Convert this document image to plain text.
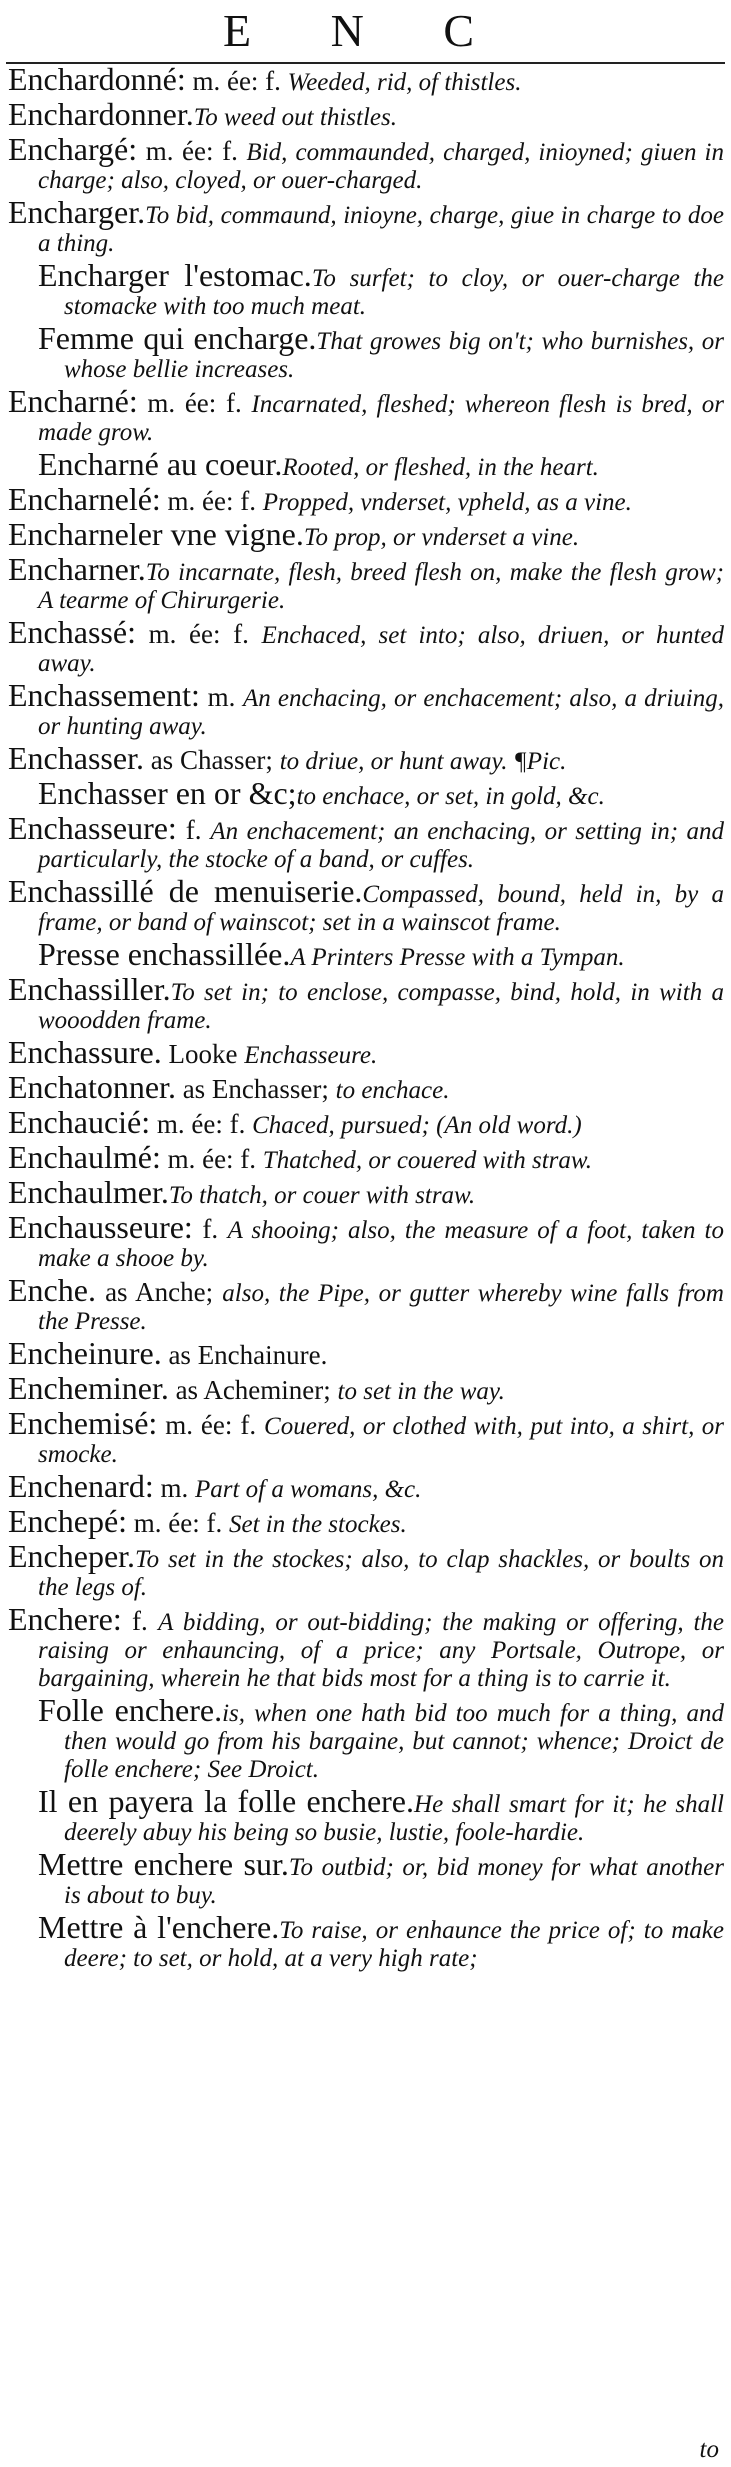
E N C
Enchardonné: m. ée: f. Weeded, rid, of thistles.
Enchardonner.To weed out thistles.
Enchargé: m. ée: f. Bid, commaunded, charged, inioyned; giuen in charge; also, cloyed, or ouer-charged.
Encharger.To bid, commaund, inioyne, charge, giue in charge to doe a thing.
Encharger l'estomac.To surfet; to cloy, or ouer-charge the stomacke with too much meat.
Femme qui encharge.That growes big on't; who burnishes, or whose bellie increases.
Encharné: m. ée: f. Incarnated, fleshed; whereon flesh is bred, or made grow.
Encharné au coeur.Rooted, or fleshed, in the heart.
Encharnelé: m. ée: f. Propped, vnderset, vpheld, as a vine.
Encharneler vne vigne.To prop, or vnderset a vine.
Encharner.To incarnate, flesh, breed flesh on, make the flesh grow; A tearme of Chirurgerie.
Enchassé: m. ée: f. Enchaced, set into; also, driuen, or hunted away.
Enchassement: m. An enchacing, or enchacement; also, a driuing, or hunting away.
Enchasser. as Chasser; to driue, or hunt away. ¶Pic.
Enchasser en or &c;to enchace, or set, in gold, &c.
Enchasseure: f. An enchacement; an enchacing, or setting in; and particularly, the stocke of a band, or cuffes.
Enchassillé de menuiserie.Compassed, bound, held in, by a frame, or band of wainscot; set in a wainscot frame.
Presse enchassillée.A Printers Presse with a Tympan.
Enchassiller.To set in; to enclose, compasse, bind, hold, in with a wooodden frame.
Enchassure. Looke Enchasseure.
Enchatonner. as Enchasser; to enchace.
Enchaucié: m. ée: f. Chaced, pursued; (An old word.)
Enchaulmé: m. ée: f. Thatched, or couered with straw.
Enchaulmer.To thatch, or couer with straw.
Enchausseure: f. A shooing; also, the measure of a foot, taken to make a shooe by.
Enche. as Anche; also, the Pipe, or gutter whereby wine falls from the Presse.
Encheinure. as Enchainure.
Encheminer. as Acheminer; to set in the way.
Enchemisé: m. ée: f. Couered, or clothed with, put into, a shirt, or smocke.
Enchenard: m. Part of a womans, &c.
Enchepé: m. ée: f. Set in the stockes.
Encheper.To set in the stockes; also, to clap shackles, or boults on the legs of.
Enchere: f. A bidding, or out-bidding; the making or offering, the raising or enhauncing, of a price; any Portsale, Outrope, or bargaining, wherein he that bids most for a thing is to carrie it.
Folle enchere.is, when one hath bid too much for a thing, and then would go from his bargaine, but cannot; whence; Droict de folle enchere; See Droict.
Il en payera la folle enchere.He shall smart for it; he shall deerely abuy his being so busie, lustie, foole-hardie.
Mettre enchere sur.To outbid; or, bid money for what another is about to buy.
Mettre à l'enchere.To raise, or enhaunce the price of; to make deere; to set, or hold, at a very high rate;
to
